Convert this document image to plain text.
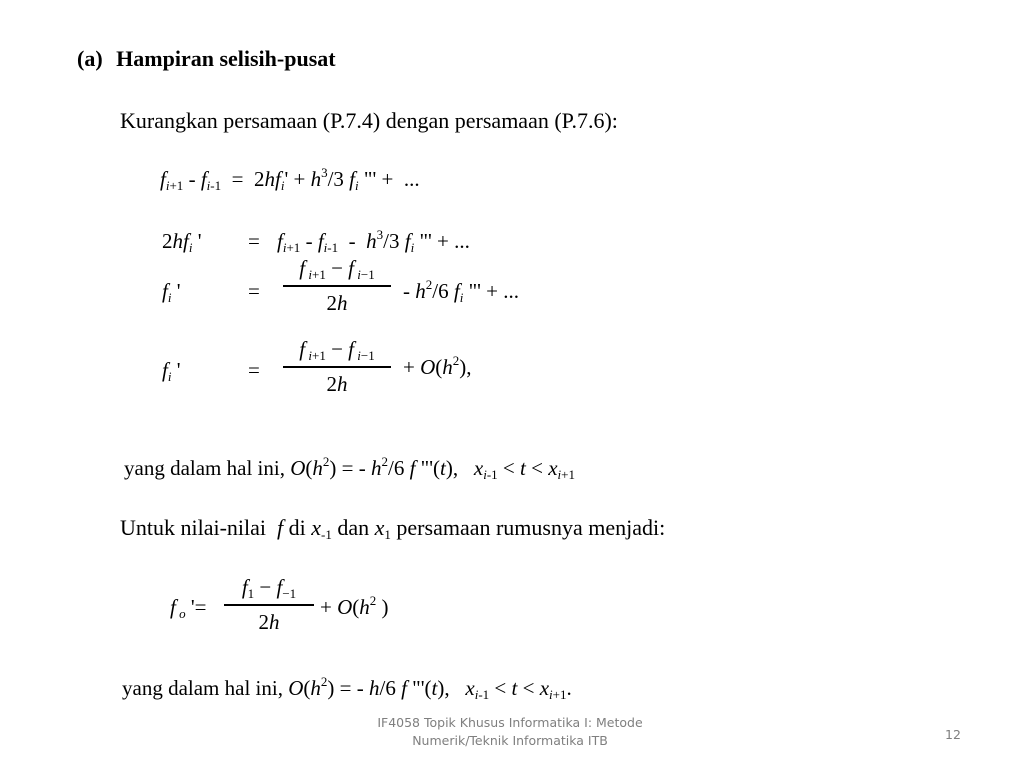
(a) Hampiran selisih-pusat
Kurangkan persamaan (P.7.4) dengan persamaan (P.7.6):
$f_{i+1} - f_{i-1} = 2hf_i' + h^3/3$ $f_i$ "' +  ...
$2hf_i$ ' = $f_{i+1} - f_{i-1} - h^3/3$ $f_i$ "' + ...
$f_i$ '	=
f $_{i+1}$ − f $_{i-1}$
2h	- $h^2/6$ $f_i$ "' + ...
$f_i$ '	=
f $_{i+1}$ − f $_{i-1}$
2h
+ $O(h^2)$,
yang dalam hal ini, $O(h^2)$ = - $h^2/6$ f "'(t),   $x_{i-1} < t < x_{i+1}$
Untuk nilai-nilai f di $x_{-1}$ dan $x_1$ persamaan rumusnya menjadi:
f $_o$ '=
$f_1 - f_{-1}$
2h
+ $O(h^2$ )
yang dalam hal ini, $O(h^2)$ = - h/6 f "'(t),   $x_{i-1} < t < x_{i+1}$.
IF4058 Topik Khusus Informatika I: Metode
Numerik/Teknik Informatika ITB	12
